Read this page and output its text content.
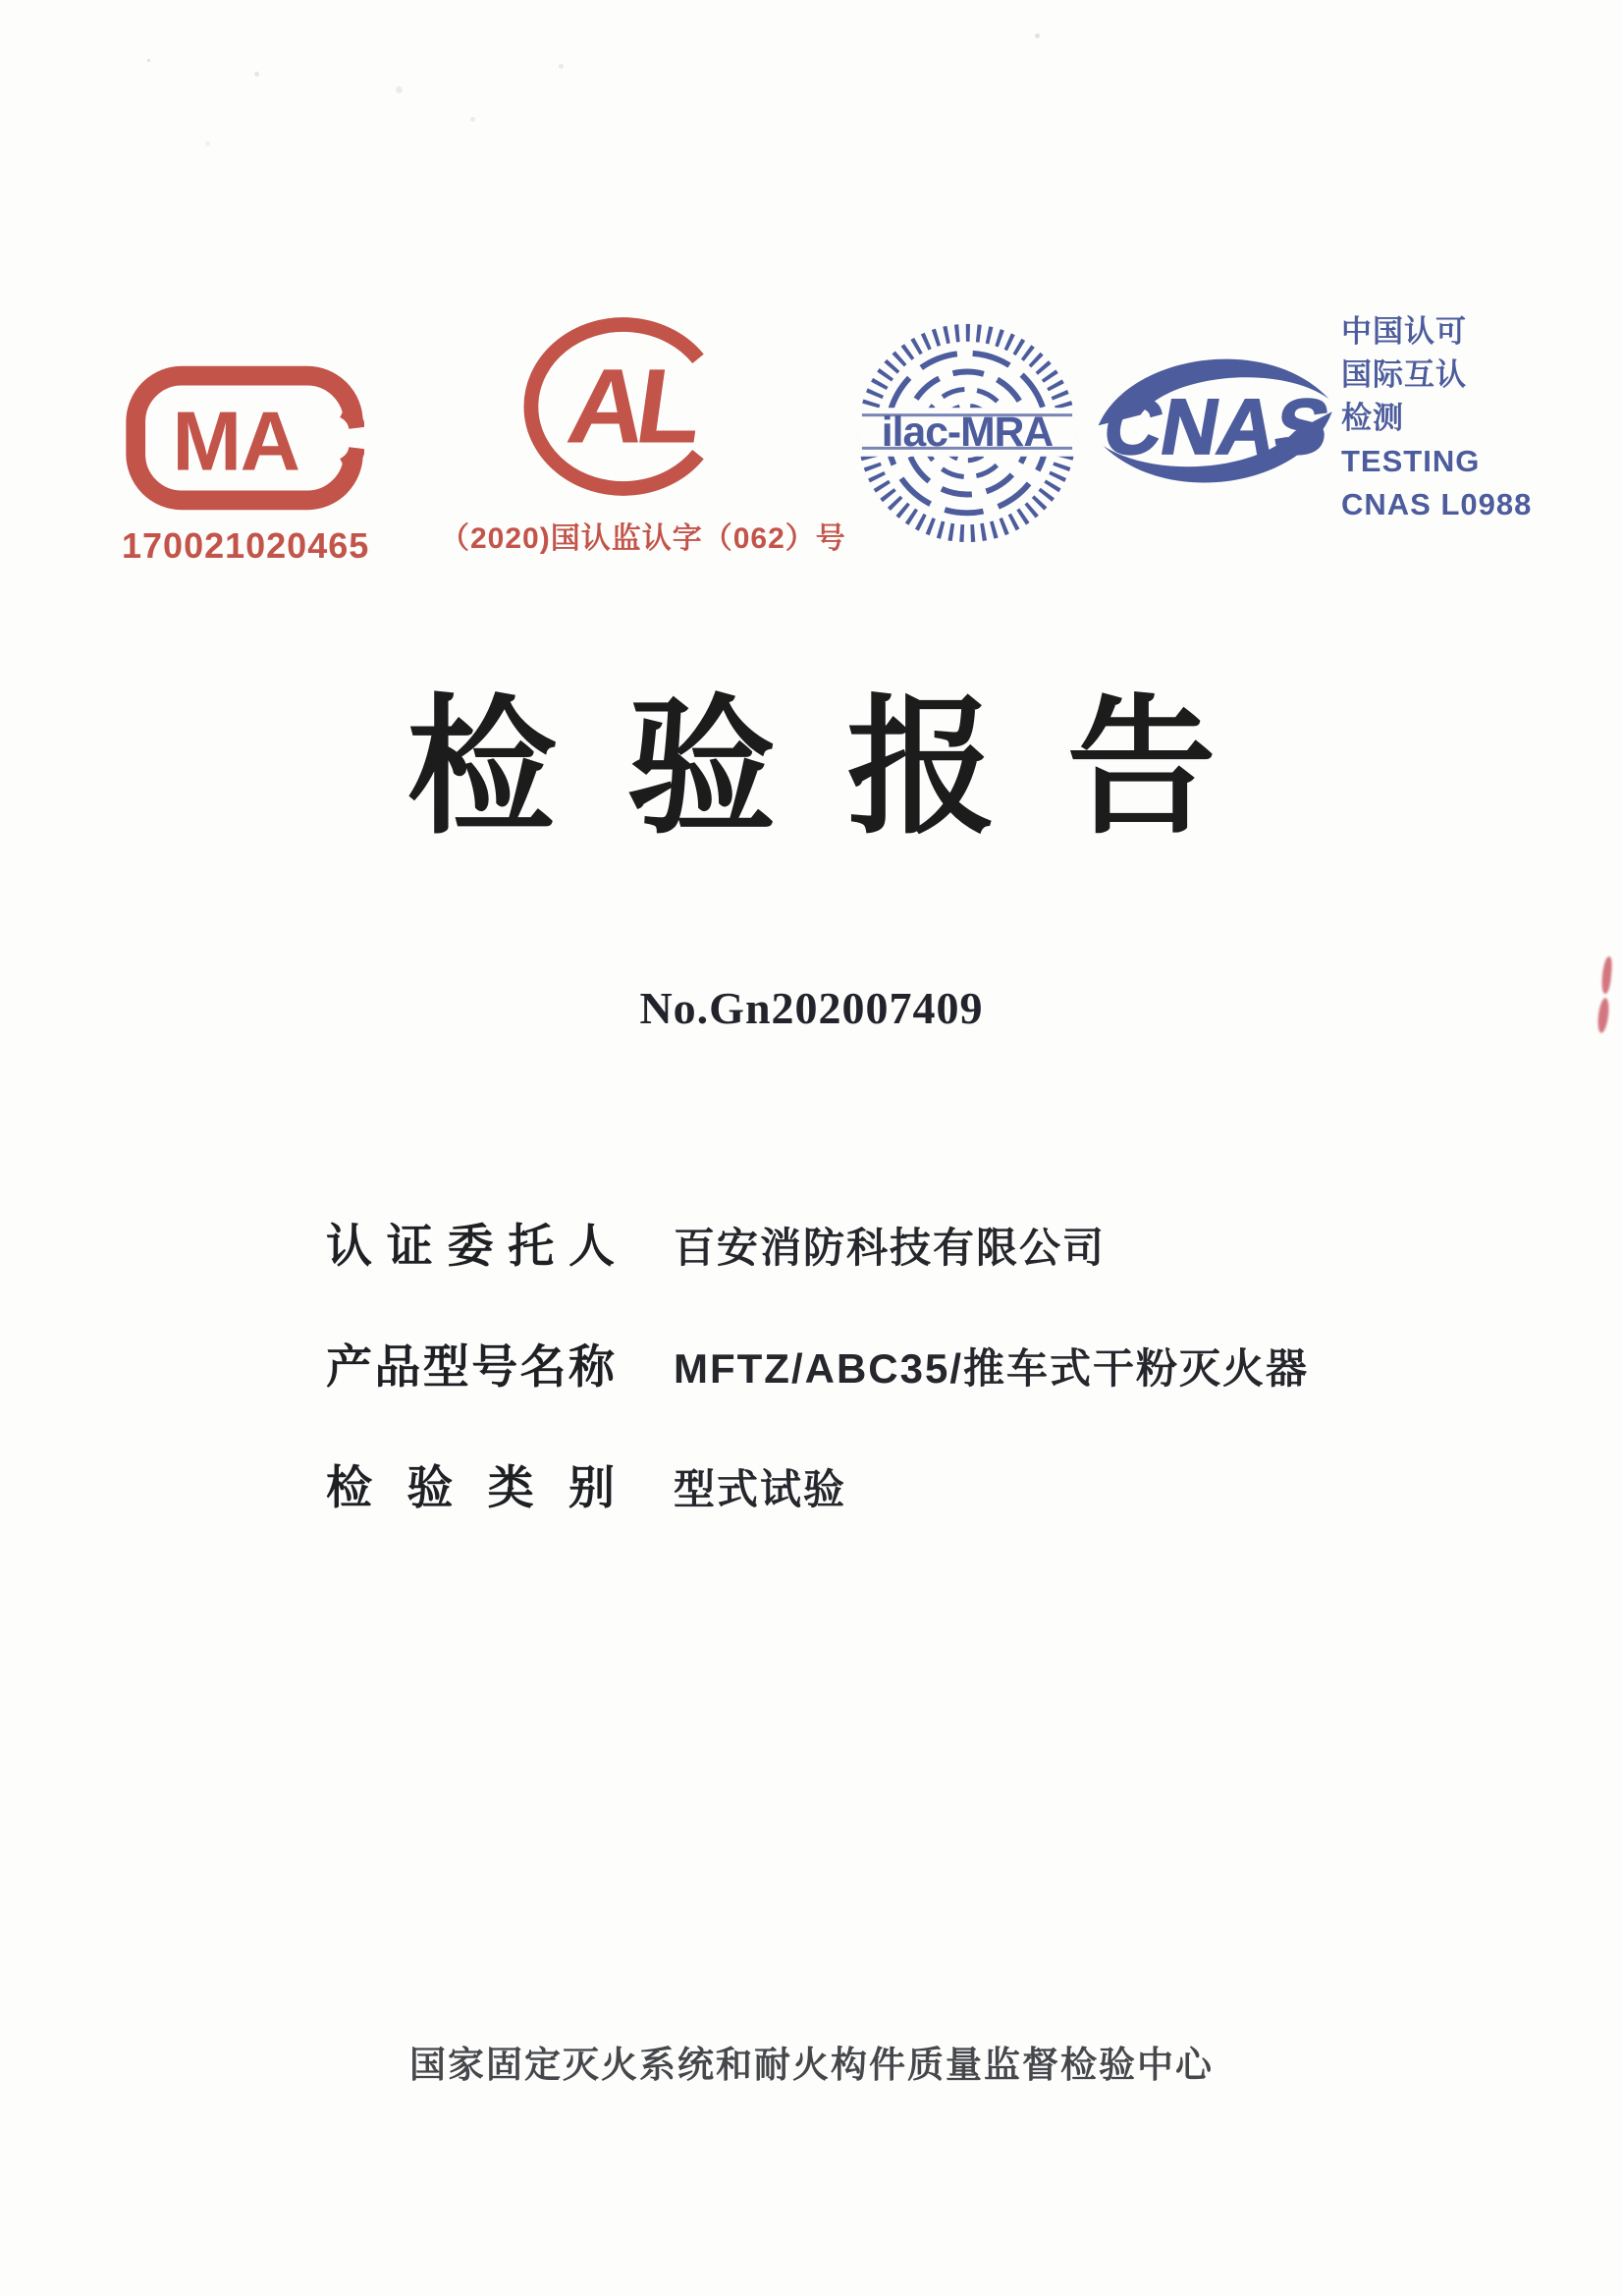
MA
170021020465
AL
（2020)国认监认字（062）号
ilac-MRA CNAS
中国认可
国际互认
检测
TESTING
CNAS L0988
检验报告
No.Gn202007409
认 证 委 托 人 百安消防科技有限公司
产品型号名称 MFTZ/ABC35/推车式干粉灭火器
检 验 类 别 型式试验
国家固定灭火系统和耐火构件质量监督检验中心
